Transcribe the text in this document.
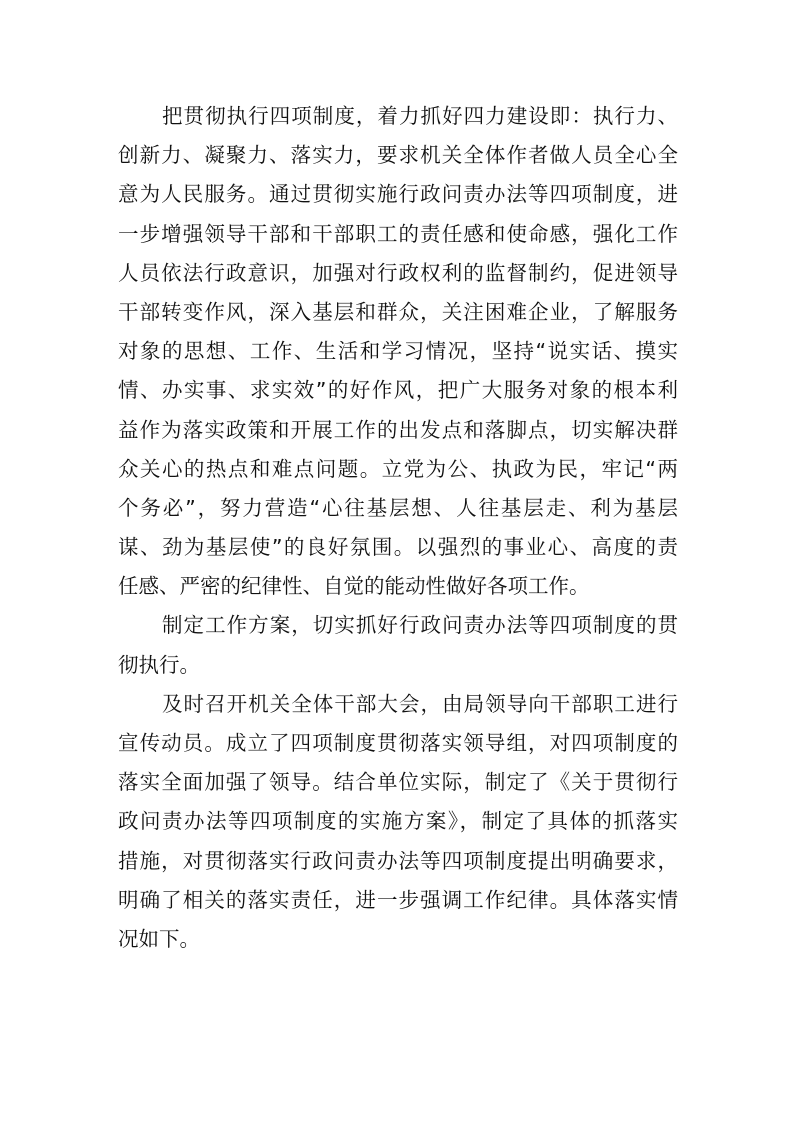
把贯彻执行四项制度，着力抓好四力建设即：执行力、
创新力、凝聚力、落实力，要求机关全体作者做人员全心全
意为人民服务。通过贯彻实施行政问责办法等四项制度，进
一步增强领导干部和干部职工的责任感和使命感，强化工作
人员依法行政意识，加强对行政权利的监督制约，促进领导
干部转变作风，深入基层和群众，关注困难企业，了解服务
对象的思想、工作、生活和学习情况，坚持“说实话、摸实
情、办实事、求实效”的好作风，把广大服务对象的根本利
益作为落实政策和开展工作的出发点和落脚点，切实解决群
众关心的热点和难点问题。立党为公、执政为民，牢记“两
个务必”，努力营造“心往基层想、人往基层走、利为基层
谋、劲为基层使”的良好氛围。以强烈的事业心、高度的责
任感、严密的纪律性、自觉的能动性做好各项工作。
制定工作方案，切实抓好行政问责办法等四项制度的贯
彻执行。
及时召开机关全体干部大会，由局领导向干部职工进行
宣传动员。成立了四项制度贯彻落实领导组，对四项制度的
落实全面加强了领导。结合单位实际，制定了《关于贯彻行
政问责办法等四项制度的实施方案》，制定了具体的抓落实
措施，对贯彻落实行政问责办法等四项制度提出明确要求，
明确了相关的落实责任，进一步强调工作纪律。具体落实情
况如下。
